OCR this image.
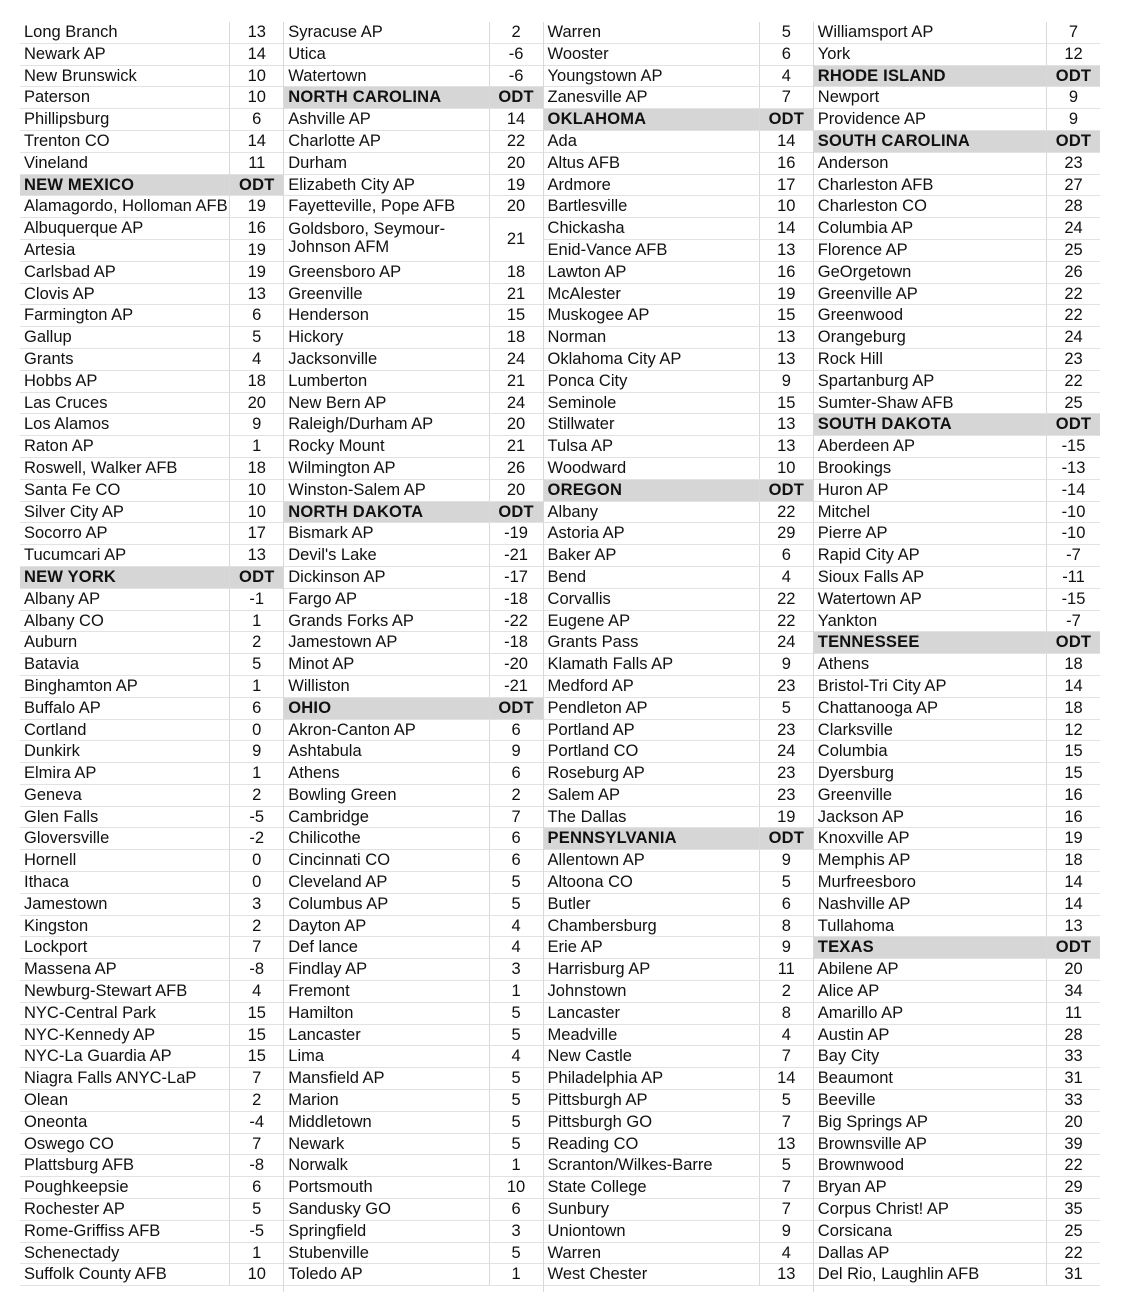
Long Branch	13
Newark AP	14
New Brunswick	10
Paterson	10
Phillipsburg	6
Trenton CO	14
Vineland	11
NEW MEXICO	ODT
Alamagordo, Holloman AFB	19
Albuquerque AP	16
Artesia	19
Carlsbad AP	19
Clovis AP	13
Farmington AP	6
Gallup	5
Grants	4
Hobbs AP	18
Las Cruces	20
Los Alamos	9
Raton AP	1
Roswell, Walker AFB	18
Santa Fe CO	10
Silver City AP	10
Socorro AP	17
Tucumcari AP	13
NEW YORK	ODT
Albany AP	-1
Albany CO	1
Auburn	2
Batavia	5
Binghamton AP	1
Buffalo AP	6
Cortland	0
Dunkirk	9
Elmira AP	1
Geneva	2
Glen Falls	-5
Gloversville	-2
Hornell	0
Ithaca	0
Jamestown	3
Kingston	2
Lockport	7
Massena AP	-8
Newburg-Stewart AFB	4
NYC-Central Park	15
NYC-Kennedy AP	15
NYC-La Guardia AP	15
Niagra Falls ANYC-LaP	7
Olean	2
Oneonta	-4
Oswego CO	7
Plattsburg AFB	-8
Poughkeepsie	6
Rochester AP	5
Rome-Griffiss AFB	-5
Schenectady	1
Suffolk County AFB	10
Syracuse AP	2
Utica	-6
Watertown	-6
NORTH CAROLINA	ODT
Ashville AP	14
Charlotte AP	22
Durham	20
Elizabeth City AP	19
Fayetteville, Pope AFB	20
Goldsboro, Seymour-Johnson AFM	21
Greensboro AP	18
Greenville	21
Henderson	15
Hickory	18
Jacksonville	24
Lumberton	21
New Bern AP	24
Raleigh/Durham AP	20
Rocky Mount	21
Wilmington AP	26
Winston-Salem AP	20
NORTH DAKOTA	ODT
Bismark AP	-19
Devil's Lake	-21
Dickinson AP	-17
Fargo AP	-18
Grands Forks AP	-22
Jamestown AP	-18
Minot AP	-20
Williston	-21
OHIO	ODT
Akron-Canton AP	6
Ashtabula	9
Athens	6
Bowling Green	2
Cambridge	7
Chilicothe	6
Cincinnati CO	6
Cleveland AP	5
Columbus AP	5
Dayton AP	4
Def lance	4
Findlay AP	3
Fremont	1
Hamilton	5
Lancaster	5
Lima	4
Mansfield AP	5
Marion	5
Middletown	5
Newark	5
Norwalk	1
Portsmouth	10
Sandusky GO	6
Springfield	3
Stubenville	5
Toledo AP	1
Warren	5
Wooster	6
Youngstown AP	4
Zanesville AP	7
OKLAHOMA	ODT
Ada	14
Altus AFB	16
Ardmore	17
Bartlesville	10
Chickasha	14
Enid-Vance AFB	13
Lawton AP	16
McAlester	19
Muskogee AP	15
Norman	13
Oklahoma City AP	13
Ponca City	9
Seminole	15
Stillwater	13
Tulsa AP	13
Woodward	10
OREGON	ODT
Albany	22
Astoria AP	29
Baker AP	6
Bend	4
Corvallis	22
Eugene AP	22
Grants Pass	24
Klamath Falls AP	9
Medford AP	23
Pendleton AP	5
Portland AP	23
Portland CO	24
Roseburg AP	23
Salem AP	23
The Dallas	19
PENNSYLVANIA	ODT
Allentown AP	9
Altoona CO	5
Butler	6
Chambersburg	8
Erie AP	9
Harrisburg AP	11
Johnstown	2
Lancaster	8
Meadville	4
New Castle	7
Philadelphia AP	14
Pittsburgh AP	5
Pittsburgh GO	7
Reading CO	13
Scranton/Wilkes-Barre	5
State College	7
Sunbury	7
Uniontown	9
Warren	4
West Chester	13
Williamsport AP	7
York	12
RHODE ISLAND	ODT
Newport	9
Providence AP	9
SOUTH CAROLINA	ODT
Anderson	23
Charleston AFB	27
Charleston CO	28
Columbia AP	24
Florence AP	25
GeOrgetown	26
Greenville AP	22
Greenwood	22
Orangeburg	24
Rock Hill	23
Spartanburg AP	22
Sumter-Shaw AFB	25
SOUTH DAKOTA	ODT
Aberdeen AP	-15
Brookings	-13
Huron AP	-14
Mitchel	-10
Pierre AP	-10
Rapid City AP	-7
Sioux Falls AP	-11
Watertown AP	-15
Yankton	-7
TENNESSEE	ODT
Athens	18
Bristol-Tri City AP	14
Chattanooga AP	18
Clarksville	12
Columbia	15
Dyersburg	15
Greenville	16
Jackson AP	16
Knoxville AP	19
Memphis AP	18
Murfreesboro	14
Nashville AP	14
Tullahoma	13
TEXAS	ODT
Abilene AP	20
Alice AP	34
Amarillo AP	11
Austin AP	28
Bay City	33
Beaumont	31
Beeville	33
Big Springs AP	20
Brownsville AP	39
Brownwood	22
Bryan AP	29
Corpus Christ! AP	35
Corsicana	25
Dallas AP	22
Del Rio, Laughlin AFB	31
